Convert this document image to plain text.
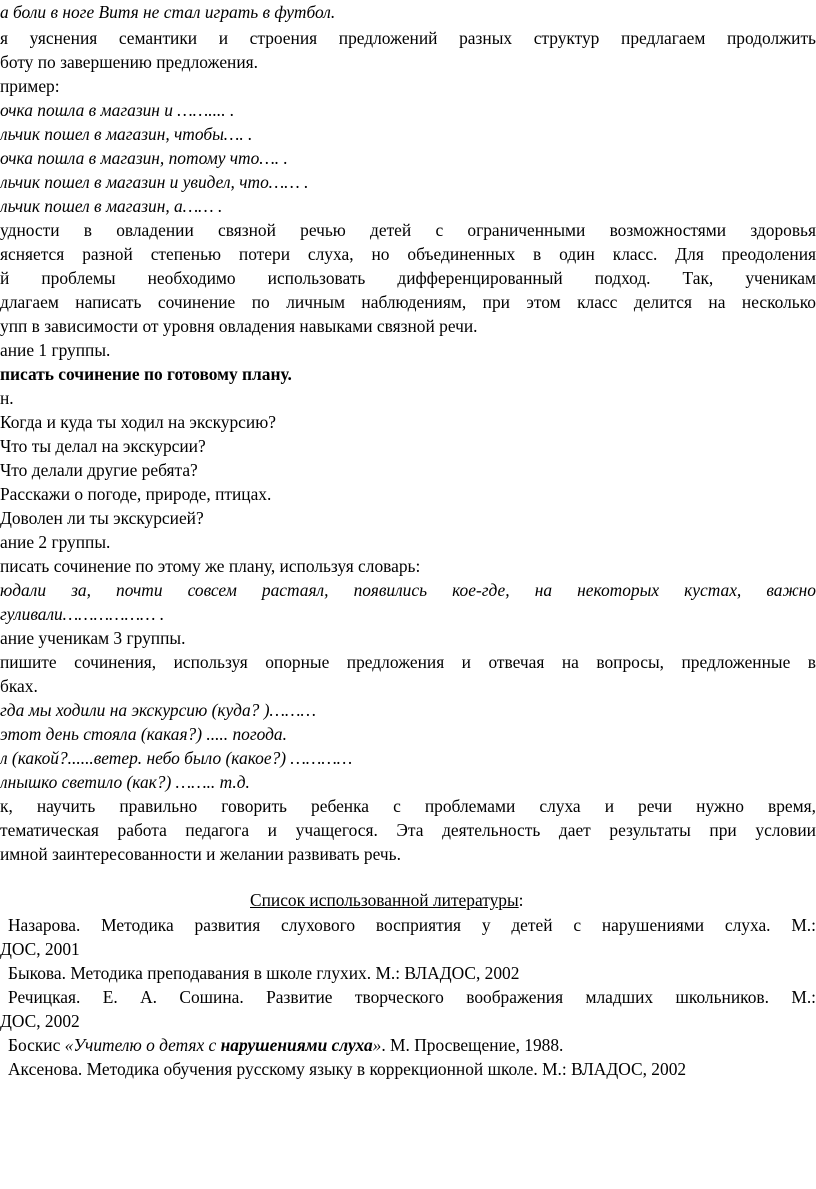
а боли в ноге Витя не стал играть в футбол.
я уяснения семантики и строения предложений разных структур предлагаем продолжить
боту по завершению предложения.
пример:
очка пошла в магазин и …….... .
льчик пошел в магазин, чтобы…. .
очка пошла в магазин, потому что…. .
льчик пошел в магазин и увидел, что…… .
льчик пошел в магазин, а…… .
удности в овладении связной речью детей с ограниченными возможностями здоровья
ясняется разной степенью потери слуха, но объединенных в один класс. Для преодоления
й проблемы необходимо использовать дифференцированный подход. Так, ученикам
длагаем написать сочинение по личным наблюдениям, при этом класс делится на несколько
упп в зависимости от уровня овладения навыками связной речи.
ание 1 группы.
писать сочинение по готовому плану.
н.
Когда и куда ты ходил на экскурсию?
Что ты делал на экскурсии?
Что делали другие ребята?
Расскажи о погоде, природе, птицах.
Доволен ли ты экскурсией?
ание 2 группы.
писать сочинение по этому же плану, используя словарь:
юдали за, почти совсем растаял, появились кое-где, на некоторых кустах, важно
гуливали……………… .
ание ученикам 3 группы.
пишите сочинения, используя опорные предложения и отвечая на вопросы, предложенные в
бках.
гда мы ходили на экскурсию (куда? )………
этот день стояла (какая?) ..... погода.
л (какой?......ветер. небо было (какое?) …………
лнышко светило (как?) …….. т.д.
к, научить правильно говорить ребенка с проблемами слуха и речи нужно время,
тематическая работа педагога и учащегося. Эта деятельность дает результаты при условии
имной заинтересованности и желании развивать речь.
Список использованной литературы:
Назарова. Методика развития слухового восприятия у детей с нарушениями слуха. М.:
ДОС, 2001
Быкова. Методика преподавания в школе глухих. М.: ВЛАДОС, 2002
Речицкая. Е. А. Сошина. Развитие творческого воображения младших школьников. М.:
ДОС, 2002
Боскис «Учителю о детях с нарушениями слуха». М. Просвещение, 1988.
Аксенова. Методика обучения русскому языку в коррекционной школе. М.: ВЛАДОС, 2002
